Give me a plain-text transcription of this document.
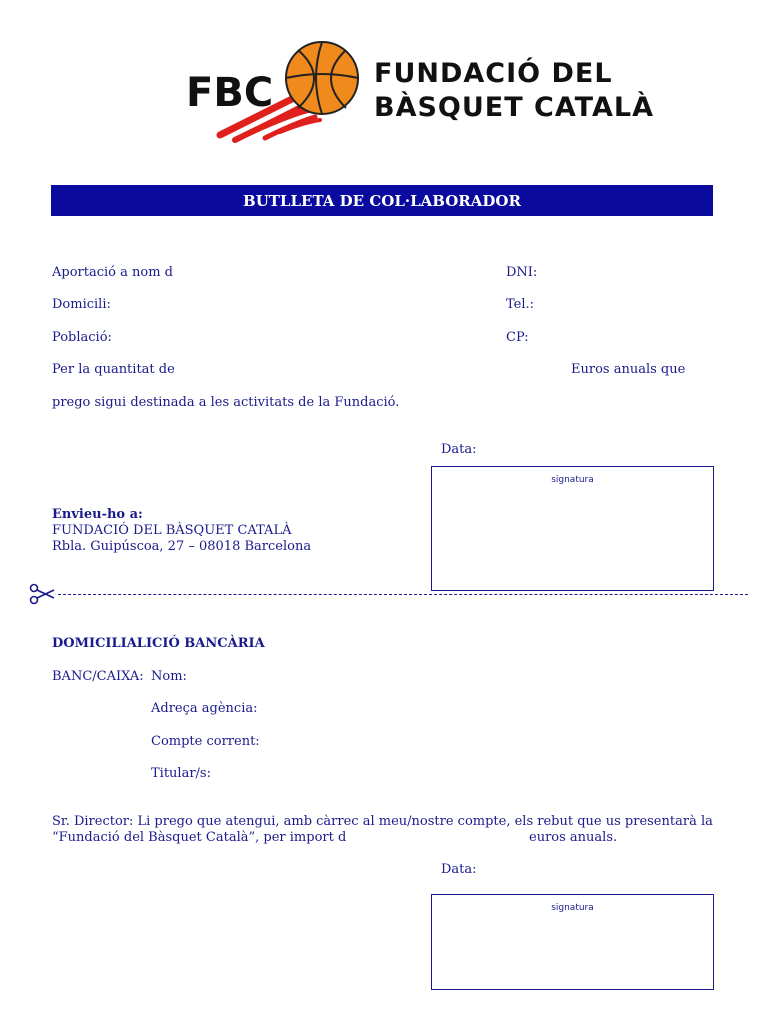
FBC	FUNDACIÓ DEL
BÀSQUET CATALÀ
BUTLLETA DE COL·LABORADOR
Aportació a nom d	DNI:
Domicili:	Tel.:
Població:	CP:
Per la quantitat de	Euros anuals que
prego sigui destinada a les activitats de la Fundació.
Data:
signatura
Envieu-ho a:
FUNDACIÓ DEL BÀSQUET CATALÀ
Rbla. Guipúscoa, 27 – 08018 Barcelona
DOMICILIALICIÓ BANCÀRIA
BANC/CAIXA: Nom:
Adreça agència:
Compte corrent:
Titular/s:
Sr. Director: Li prego que atengui, amb càrrec al meu/nostre compte, els rebut que us presentarà la
“Fundació del Bàsquet Català”, per import d	euros anuals.
Data:
signatura
